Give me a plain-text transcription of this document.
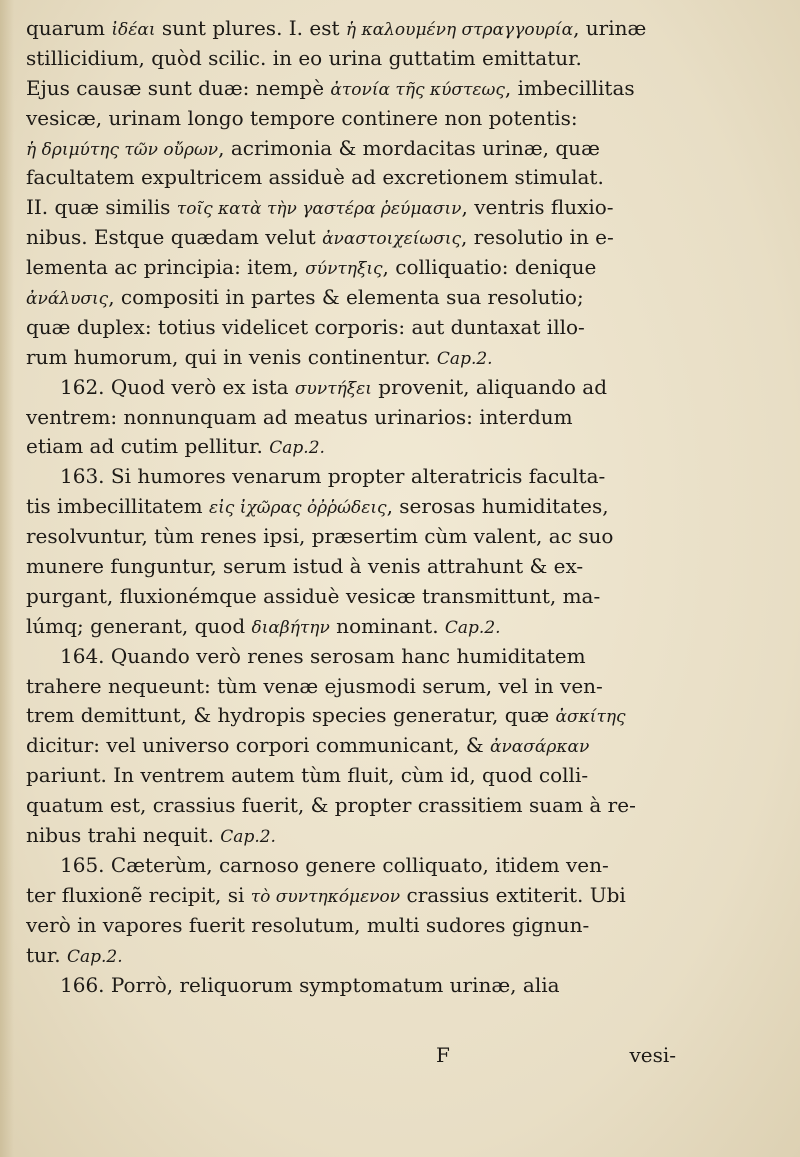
quarum ἰδέαι sunt plures. I. est ἡ καλουμένη στραγγουρία, urinæ
stillicidium, quòd scilic. in eo urina guttatim emittatur.
Ejus causæ sunt duæ: nempè ἀτονία τῆς κύστεως, imbecillitas
vesicæ, urinam longo tempore continere non potentis:
ἡ δριμύτης τῶν οὔρων, acrimonia & mordacitas urinæ, quæ
facultatem expultricem assiduè ad excretionem stimulat.
II. quæ similis τοῖς κατὰ τὴν γαστέρα ῥεύμασιν, ventris fluxio-
nibus. Estque quædam velut ἀναστοιχείωσις, resolutio in e-
lementa ac principia: item, σύντηξις, colliquatio: denique
ἀνάλυσις, compositi in partes & elementa sua resolutio;
quæ duplex: totius videlicet corporis: aut duntaxat illo-
rum humorum, qui in venis continentur. Cap.2.
162. Quod verò ex ista συντήξει provenit, aliquando ad
ventrem: nonnunquam ad meatus urinarios: interdum
etiam ad cutim pellitur. Cap.2.
163. Si humores venarum propter alteratricis faculta-
tis imbecillitatem εἰς ἰχῶρας ὀῤῥώδεις, serosas humiditates,
resolvuntur, tùm renes ipsi, præsertim cùm valent, ac suo
munere funguntur, serum istud à venis attrahunt & ex-
purgant, fluxionémque assiduè vesicæ transmittunt, ma-
lúmq; generant, quod διαβήτην nominant. Cap.2.
164. Quando verò renes serosam hanc humiditatem
trahere nequeunt: tùm venæ ejusmodi serum, vel in ven-
trem demittunt, & hydropis species generatur, quæ ἀσκίτης
dicitur: vel universo corpori communicant, & ἀνασάρκαν
pariunt. In ventrem autem tùm fluit, cùm id, quod colli-
quatum est, crassius fuerit, & propter crassitiem suam à re-
nibus trahi nequit. Cap.2.
165. Cæterùm, carnoso genere colliquato, itidem ven-
ter fluxionẽ recipit, si τὸ συντηκόμενον crassius extiterit. Ubi
verò in vapores fuerit resolutum, multi sudores gignun-
tur. Cap.2.
166. Porrò, reliquorum symptomatum urinæ, alia
F	vesi-
